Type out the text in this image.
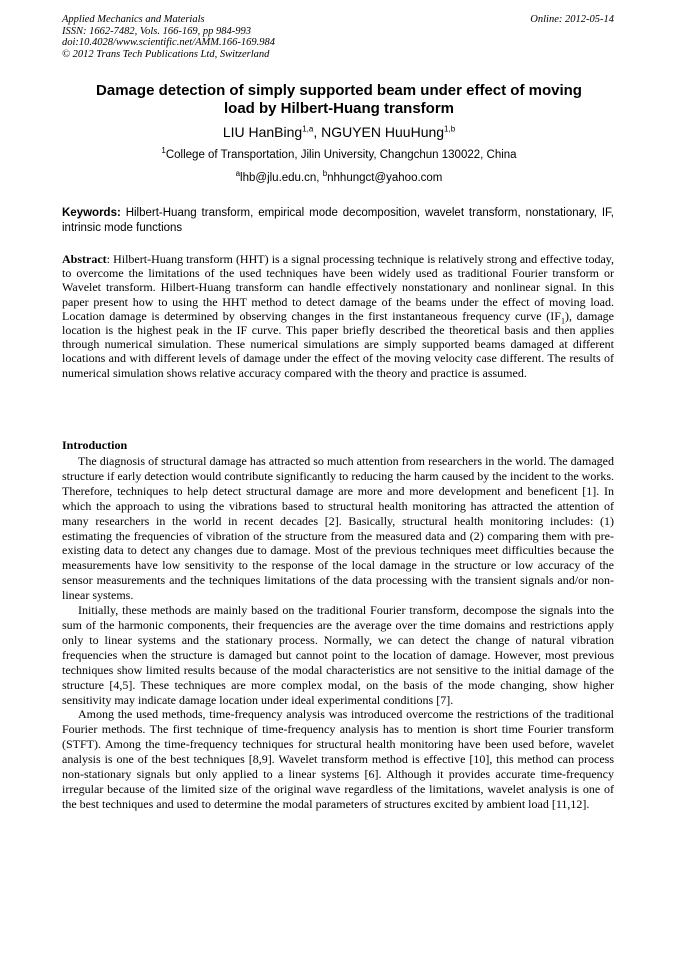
Applied Mechanics and Materials
ISSN: 1662-7482, Vols. 166-169, pp 984-993
doi:10.4028/www.scientific.net/AMM.166-169.984
© 2012 Trans Tech Publications Ltd, Switzerland
Online: 2012-05-14
Damage detection of simply supported beam under effect of moving
load by Hilbert-Huang transform
LIU HanBing$^{1,a}$, NGUYEN HuuHung$^{1,b}$
$^1$College of Transportation, Jilin University, Changchun 130022, China
$^a$lhb@jlu.edu.cn, $^b$nhhungct@yahoo.com
Keywords: Hilbert-Huang transform, empirical mode decomposition, wavelet transform, nonstationary, IF, intrinsic mode functions
Abstract: Hilbert-Huang transform (HHT) is a signal processing technique is relatively strong and effective today, to overcome the limitations of the used techniques have been widely used as traditional Fourier transform or Wavelet transform. Hilbert-Huang transform can handle effectively nonstationary and nonlinear signal. In this paper present how to using the HHT method to detect damage of the beams under the effect of moving load. Location damage is determined by observing changes in the first instantaneous frequency curve $(IF_1)$, damage location is the highest peak in the IF curve. This paper briefly described the theoretical basis and then applies through numerical simulation. These numerical simulations are simply supported beams damaged at different locations and with different levels of damage under the effect of the moving velocity case different. The results of numerical simulation shows relative accuracy compared with the theory and practice is assumed.
Introduction

The diagnosis of structural damage has attracted so much attention from researchers in the world. The damaged structure if early detection would contribute significantly to reducing the harm caused by the incident to the works. Therefore, techniques to help detect structural damage are more and more development and beneficent [1]. In which the approach to using the vibrations based to structural health monitoring has attracted the attention of many researchers in the world in recent decades [2]. Basically, structural health monitoring includes: (1) estimating the frequencies of vibration of the structure from the measured data and (2) comparing them with pre-existing data to detect any changes due to damage. Most of the previous techniques meet difficulties because the measurements have low sensitivity to the response of the local damage in the structure or low accuracy of the sensor measurements and the techniques limitations of the data processing with the transient signals and/or non-linear systems.

Initially, these methods are mainly based on the traditional Fourier transform, decompose the signals into the sum of the harmonic components, their frequencies are the average over the time domains and restrictions apply only to linear systems and the stationary process. Normally, we can detect the change of natural vibration frequencies when the structure is damaged but cannot point to the location of damage. However, most previous techniques show limited results because of the modal characteristics are not sensitive to the initial damage of the structure [4,5]. These techniques are more complex modal, on the basis of the mode changing, show higher sensitivity may indicate damage location under ideal experimental conditions [7].

Among the used methods, time-frequency analysis was introduced overcome the restrictions of the traditional Fourier methods. The first technique of time-frequency analysis has to mention is short time Fourier transform (STFT). Among the time-frequency techniques for structural health monitoring have been used before, wavelet analysis is one of the best techniques [8,9]. Wavelet transform method is effective [10], this method can process non-stationary signals but only applied to a linear systems [6]. Although it provides accurate time-frequency irregular because of the limited size of the original wave regardless of the limitations, wavelet analysis is one of the best techniques and used to determine the modal parameters of structures excited by ambient load [11,12].
